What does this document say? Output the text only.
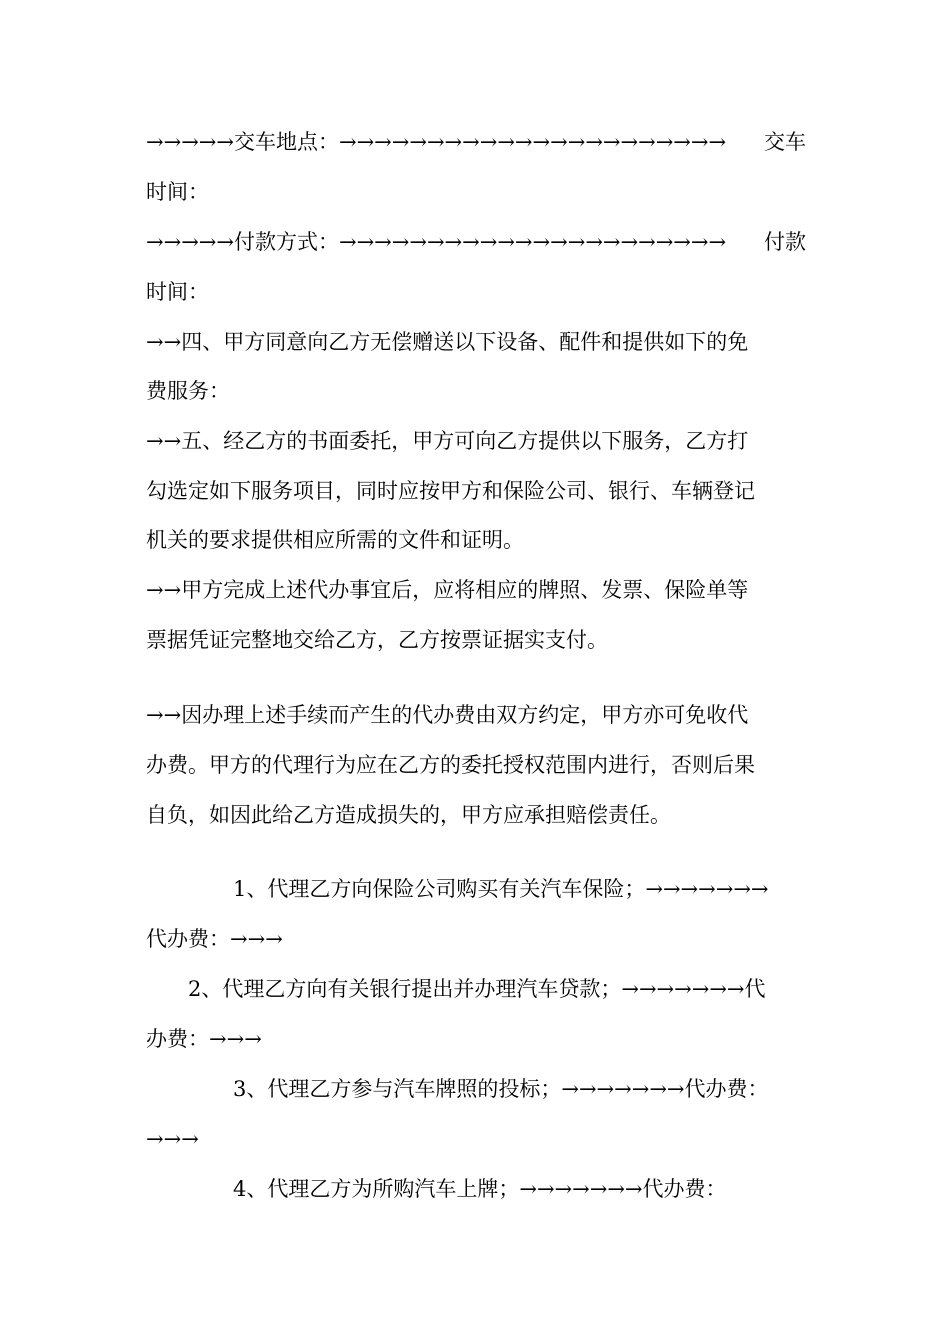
→→→→→交车地点：→→→→→→→→→→→→→→→→→→→→→→ 交车
时间：
→→→→→付款方式：→→→→→→→→→→→→→→→→→→→→→→ 付款
时间：
→→四、甲方同意向乙方无偿赠送以下设备、配件和提供如下的免
费服务：
→→五、经乙方的书面委托，甲方可向乙方提供以下服务，乙方打
勾选定如下服务项目，同时应按甲方和保险公司、银行、车辆登记
机关的要求提供相应所需的文件和证明。
→→甲方完成上述代办事宜后，应将相应的牌照、发票、保险单等
票据凭证完整地交给乙方，乙方按票证据实支付。
→→因办理上述手续而产生的代办费由双方约定，甲方亦可免收代
办费。甲方的代理行为应在乙方的委托授权范围内进行，否则后果
自负，如因此给乙方造成损失的，甲方应承担赔偿责任。
1、代理乙方向保险公司购买有关汽车保险；→→→→→→→
代办费：→→→
2、代理乙方向有关银行提出并办理汽车贷款；→→→→→→→代
办费：→→→
3、代理乙方参与汽车牌照的投标；→→→→→→→代办费：
→→→
4、代理乙方为所购汽车上牌；→→→→→→→代办费：
